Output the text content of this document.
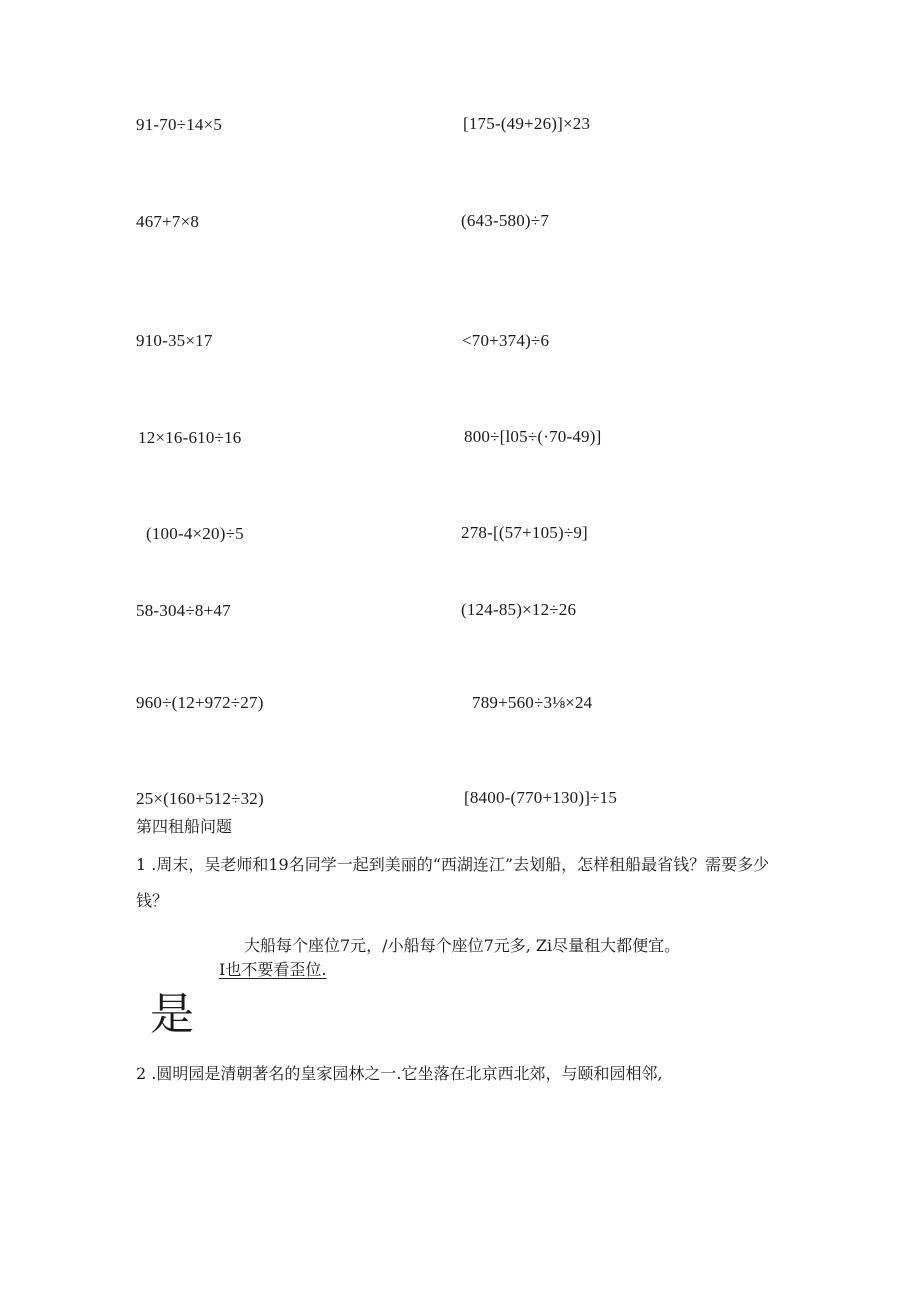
91-70÷14×5
467+7×8
910-35×17
12×16-610÷16
(100-4×20)÷5
58-304÷8+47
960÷(12+972÷27)
25×(160+512÷32)
[175-(49+26)]×23
(643-580)÷7
<70+374)÷6
800÷[l05÷(·70-49)]
278-[(57+105)÷9]
(124-85)×12÷26
789+560÷3⅛×24
[8400-(770+130)]÷15
第四租船问题
1 .周末，吴老师和19名同学一起到美丽的“西湖连江”去划船，怎样租船最省钱？需要多少
钱？
大船每个座位7元，/小船每个座位7元多, Zi尽量租大都便宜。
I也不要看歪位.
是
2 .圆明园是清朝著名的皇家园林之一.它坐落在北京西北郊，与颐和园相邻,
